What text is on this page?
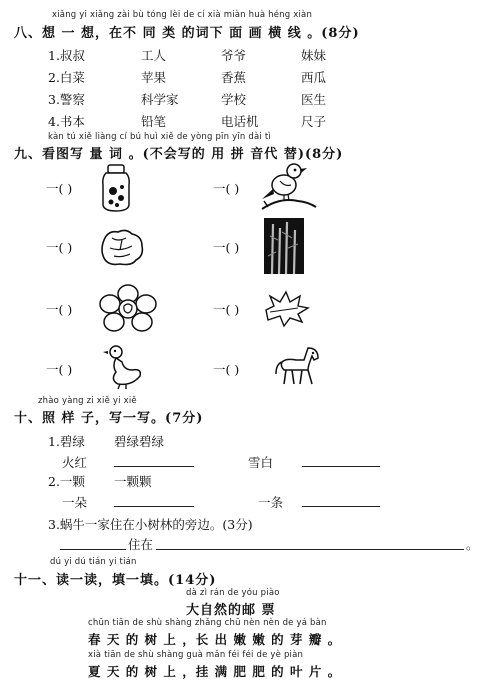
xiǎng yi xiǎng zài bù tóng lèi de cí xià miàn huà héng xiàn
八、想 一 想，在不 同 类 的词下 面 画 横 线 。(8分)
1.叔叔	工人	爷爷	妹妹
2.白菜	苹果	香蕉	西瓜
3.警察	科学家	学校	医生
4.书本	铅笔	电话机	尺子
kàn tú xiě liàng cí bú huì xiě de yòng pīn yīn dài tì
九、看图写 量 词 。(不会写的 用 拼 音代 替)(8分)
一( )
一( )
一( )
一( )
一( )
一( )
一( )
一( )
zhào yàng zi xiě yi xiě
十、照 样 子，写一写。(7分)
1.碧绿 碧绿碧绿
火红	雪白
2.一颗 一颗颗
一朵	一条
3.蜗牛一家住在小树林的旁边。(3分)
住在	。
dú yi dú tián yi tián
十一、读一读，填一填。(14分)
dà zì rán de yóu piào
大自然的邮 票
chūn tiān de shù shàng zhǎng chū nèn nèn de yá bàn
春 天 的 树 上 ，长 出 嫩 嫩 的 芽 瓣 。
xià tiān de shù shàng guà mǎn féi féi de yè piàn
夏 天 的 树 上 ，挂 满 肥 肥 的 叶 片 。
